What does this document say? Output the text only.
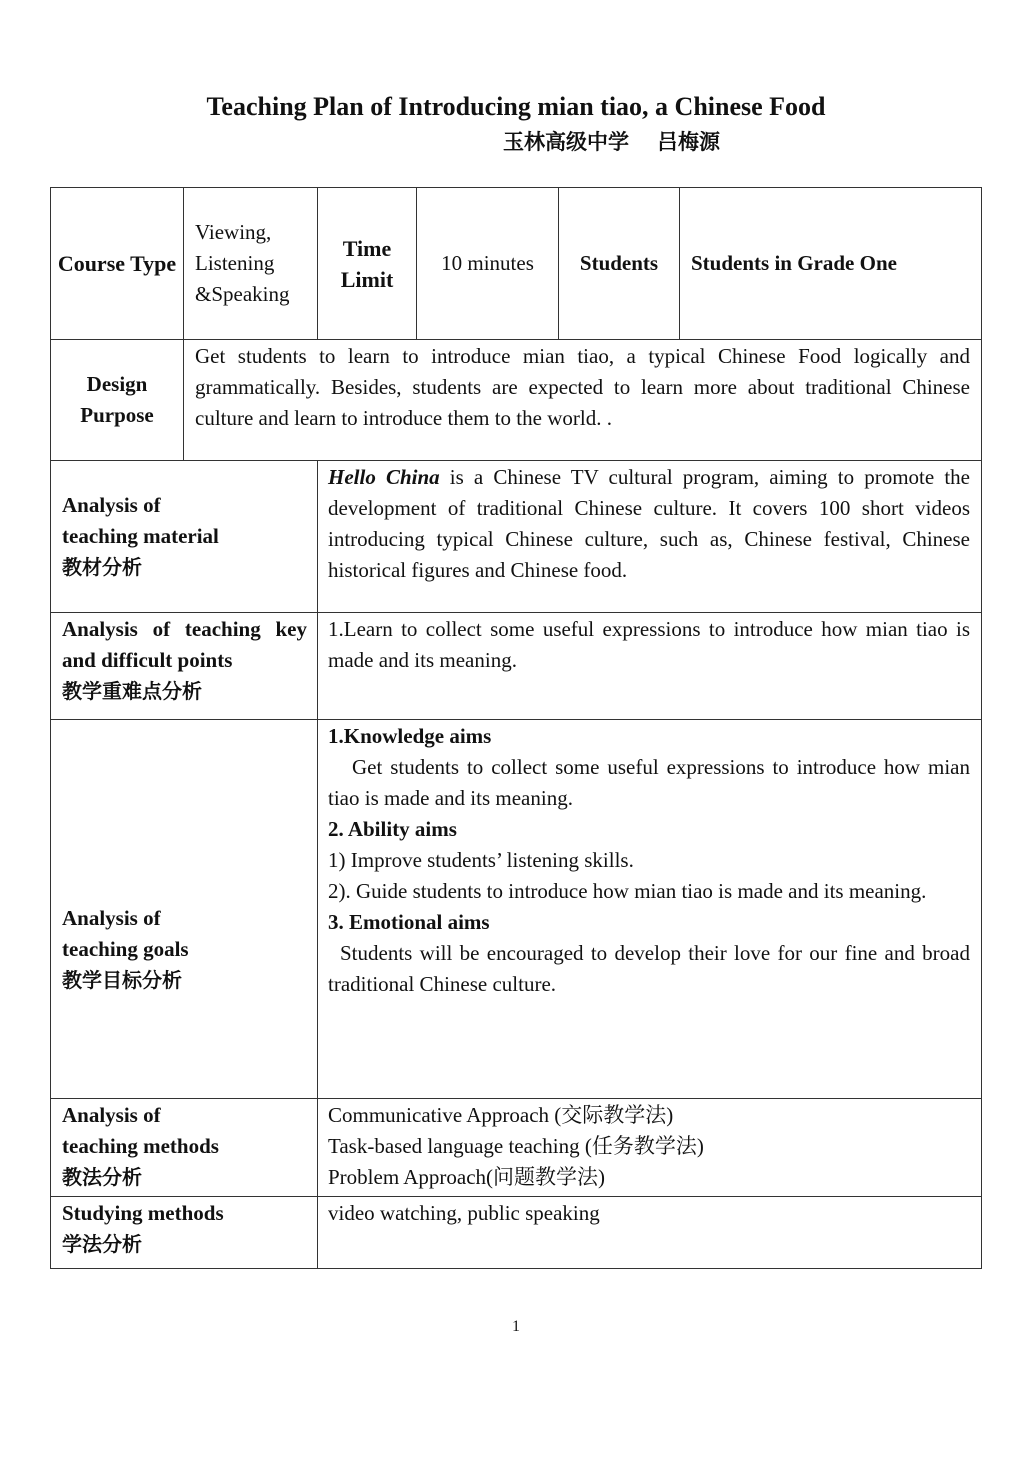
Teaching Plan of Introducing mian tiao, a Chinese Food
玉林高级中学 吕梅源
Course Type
Viewing, Listening &Speaking
Time Limit
10 minutes	Students	Students in Grade One
Design Purpose
Get students to learn to introduce mian tiao, a typical Chinese Food logically and grammatically. Besides, students are expected to learn more about traditional Chinese culture and learn to introduce them to the world. .
Analysis of
teaching material
教材分析
Hello China is a Chinese TV cultural program, aiming to promote the development of traditional Chinese culture. It covers 100 short videos introducing typical Chinese culture, such as, Chinese festival, Chinese historical figures and Chinese food.
Analysis of teaching key and difficult points
教学重难点分析
1.Learn to collect some useful expressions to introduce how mian tiao is made and its meaning.
Analysis of
teaching goals
教学目标分析
1.Knowledge aims
Get students to collect some useful expressions to introduce how mian tiao is made and its meaning.
2. Ability aims
1) Improve students’ listening skills.
2). Guide students to introduce how mian tiao is made and its meaning.
3. Emotional aims
Students will be encouraged to develop their love for our fine and broad traditional Chinese culture.
Analysis of
teaching methods
教法分析
Communicative Approach (交际教学法)
Task-based language teaching (任务教学法)
Problem Approach(问题教学法)
Studying methods
学法分析
video watching, public speaking
1
